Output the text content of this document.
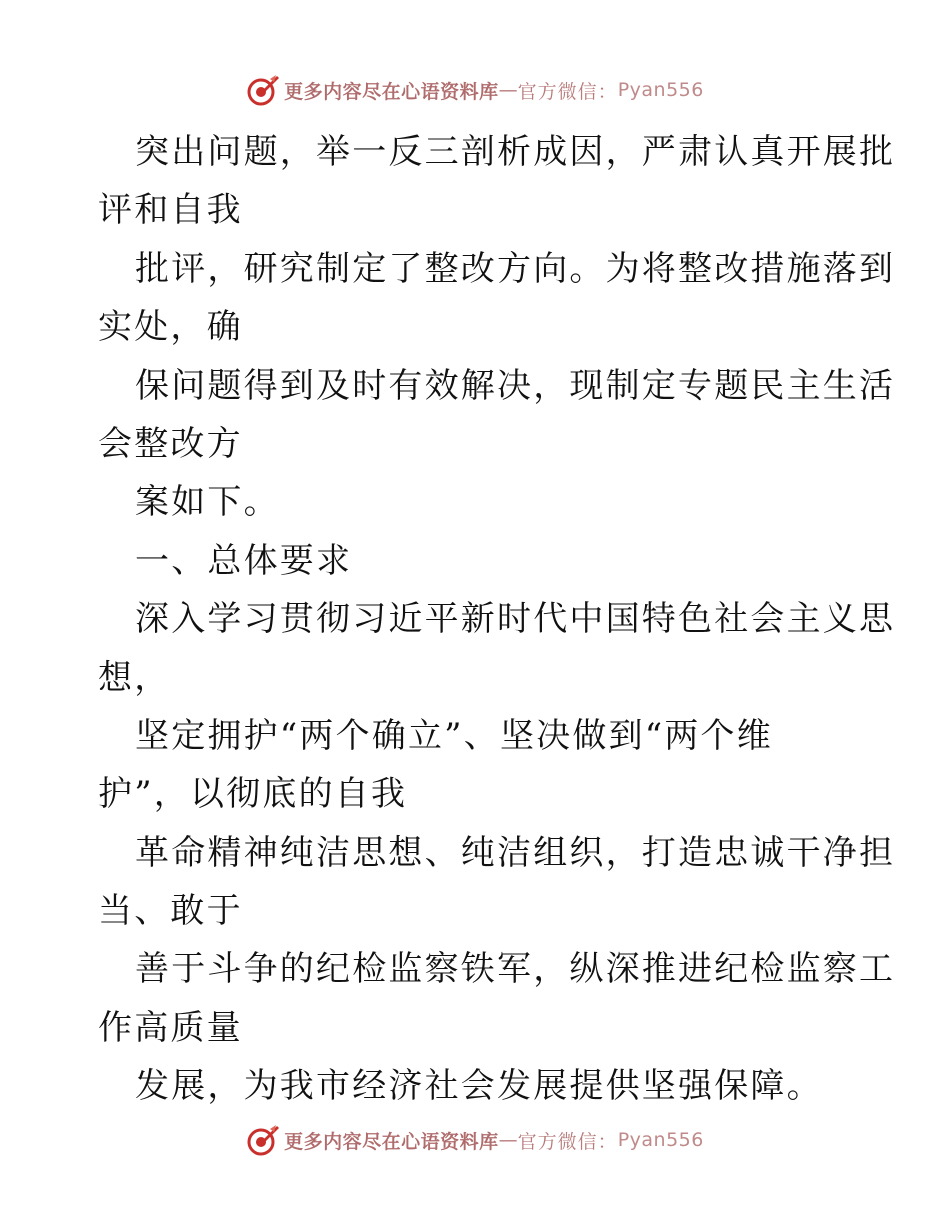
更多内容尽在心语资料库 — 官方微信： Pyan556
突出问题，举一反三剖析成因，严肃认真开展批
评和自我
批评，研究制定了整改方向。为将整改措施落到
实处，确
保问题得到及时有效解决，现制定专题民主生活
会整改方
案如下。
一、总体要求
深入学习贯彻习近平新时代中国特色社会主义思
想，
坚定拥护“两个确立”、坚决做到“两个维
护”，以彻底的自我
革命精神纯洁思想、纯洁组织，打造忠诚干净担
当、敢于
善于斗争的纪检监察铁军，纵深推进纪检监察工
作高质量
发展，为我市经济社会发展提供坚强保障。
更多内容尽在心语资料库 — 官方微信： Pyan556
